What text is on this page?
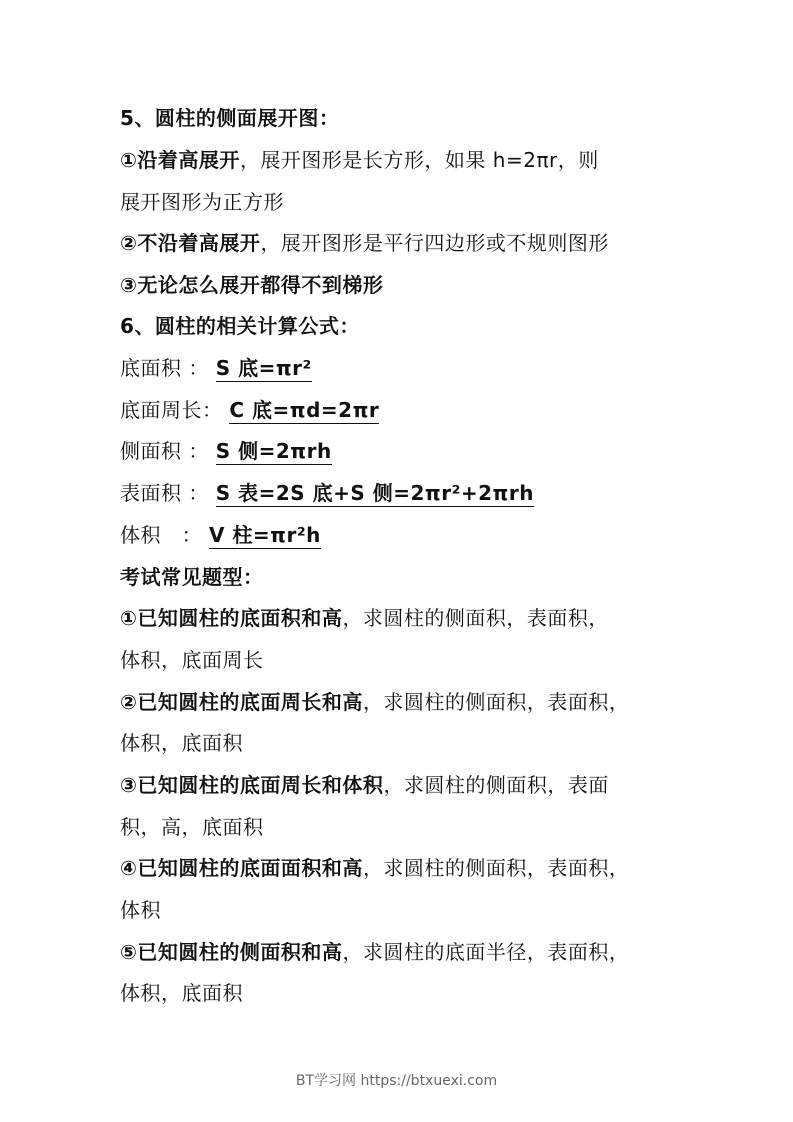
5、圆柱的侧面展开图：
①沿着高展开，展开图形是长方形，如果 h=2πr，则
展开图形为正方形
②不沿着高展开，展开图形是平行四边形或不规则图形
③无论怎么展开都得不到梯形
6、圆柱的相关计算公式：
底面积 ： S 底=πr²
底面周长： C 底=πd=2πr
侧面积 ： S 侧=2πrh
表面积 ： S 表=2S 底+S 侧=2πr²+2πrh
体积   ： V 柱=πr²h
考试常见题型：
①已知圆柱的底面积和高，求圆柱的侧面积，表面积，
体积，底面周长
②已知圆柱的底面周长和高，求圆柱的侧面积，表面积，
体积，底面积
③已知圆柱的底面周长和体积，求圆柱的侧面积，表面
积，高，底面积
④已知圆柱的底面面积和高，求圆柱的侧面积，表面积，
体积
⑤已知圆柱的侧面积和高，求圆柱的底面半径，表面积，
体积，底面积
BT学习网 https://btxuexi.com
